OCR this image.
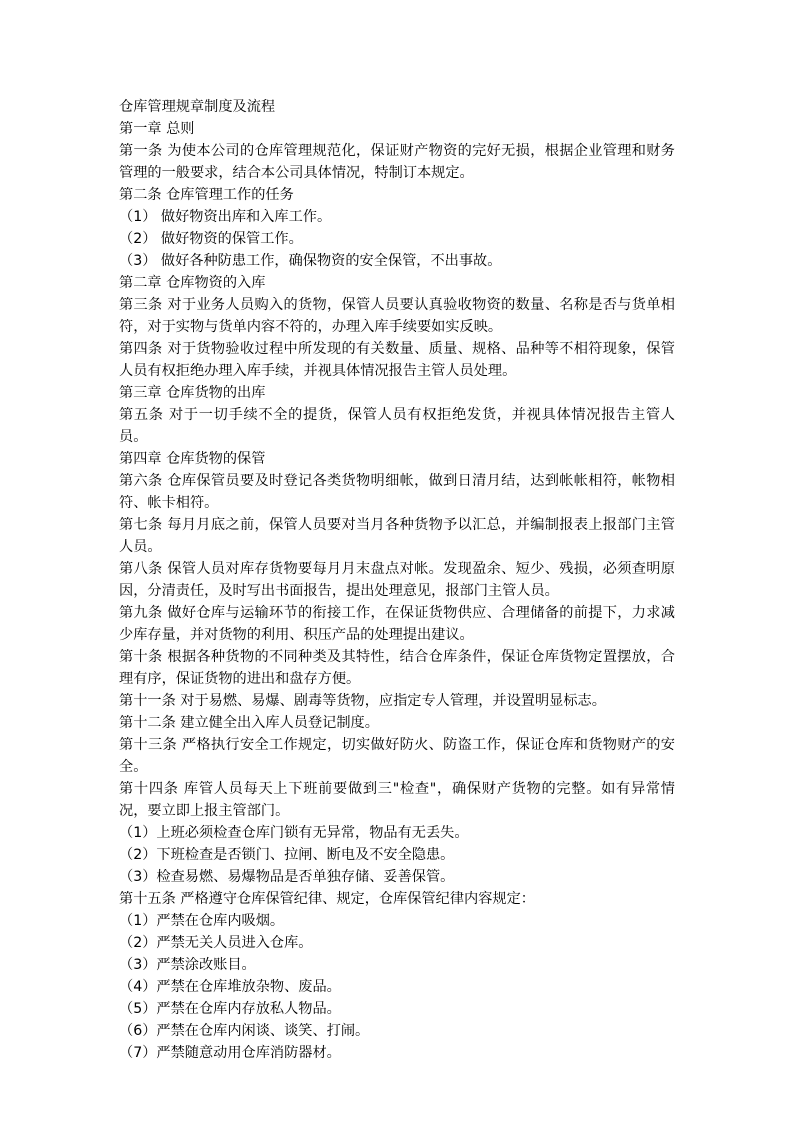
仓库管理规章制度及流程

第一章 总则

第一条 为使本公司的仓库管理规范化，保证财产物资的完好无损，根据企业管理和财务管理的一般要求，结合本公司具体情况，特制订本规定。

第二条 仓库管理工作的任务

（1） 做好物资出库和入库工作。

（2） 做好物资的保管工作。

（3） 做好各种防患工作，确保物资的安全保管，不出事故。

第二章 仓库物资的入库

第三条 对于业务人员购入的货物，保管人员要认真验收物资的数量、名称是否与货单相符，对于实物与货单内容不符的，办理入库手续要如实反映。

第四条 对于货物验收过程中所发现的有关数量、质量、规格、品种等不相符现象，保管人员有权拒绝办理入库手续，并视具体情况报告主管人员处理。

第三章 仓库货物的出库

第五条 对于一切手续不全的提货，保管人员有权拒绝发货，并视具体情况报告主管人员。

第四章 仓库货物的保管

第六条 仓库保管员要及时登记各类货物明细帐，做到日清月结，达到帐帐相符，帐物相符、帐卡相符。

第七条 每月月底之前，保管人员要对当月各种货物予以汇总，并编制报表上报部门主管人员。

第八条 保管人员对库存货物要每月月末盘点对帐。发现盈余、短少、残损，必须查明原因，分清责任，及时写出书面报告，提出处理意见，报部门主管人员。

第九条 做好仓库与运输环节的衔接工作，在保证货物供应、合理储备的前提下，力求减少库存量，并对货物的利用、积压产品的处理提出建议。

第十条 根据各种货物的不同种类及其特性，结合仓库条件，保证仓库货物定置摆放，合理有序，保证货物的进出和盘存方便。

第十一条 对于易燃、易爆、剧毒等货物，应指定专人管理，并设置明显标志。

第十二条 建立健全出入库人员登记制度。

第十三条 严格执行安全工作规定，切实做好防火、防盗工作，保证仓库和货物财产的安全。

第十四条 库管人员每天上下班前要做到三"检查"，确保财产货物的完整。如有异常情况，要立即上报主管部门。

（1）上班必须检查仓库门锁有无异常，物品有无丢失。

（2）下班检查是否锁门、拉闸、断电及不安全隐患。

（3）检查易燃、易爆物品是否单独存储、妥善保管。

第十五条 严格遵守仓库保管纪律、规定，仓库保管纪律内容规定：

（1）严禁在仓库内吸烟。

（2）严禁无关人员进入仓库。

（3）严禁涂改账目。

（4）严禁在仓库堆放杂物、废品。

（5）严禁在仓库内存放私人物品。

（6）严禁在仓库内闲谈、谈笑、打闹。

（7）严禁随意动用仓库消防器材。
